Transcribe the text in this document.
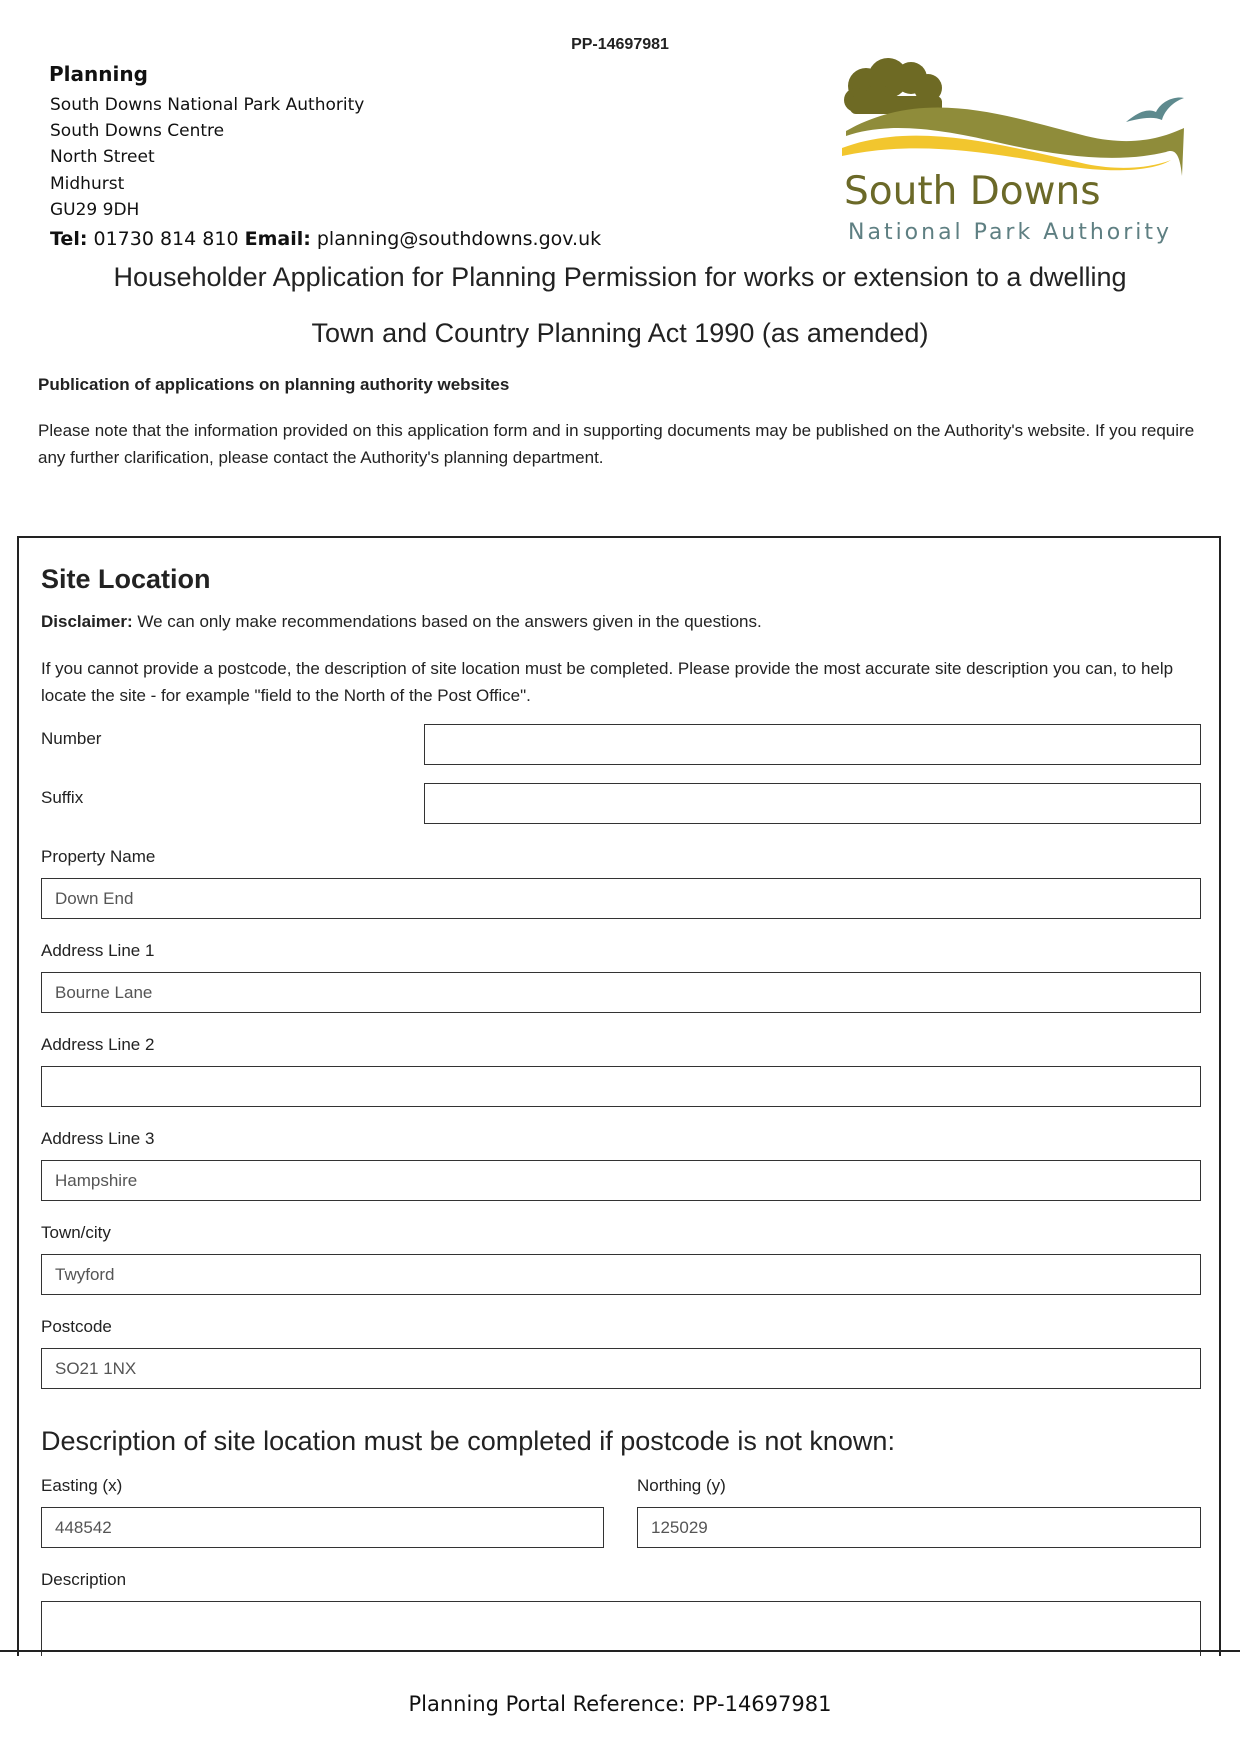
PP-14697981
Planning
South Downs National Park Authority
South Downs Centre
North Street
Midhurst
GU29 9DH
Tel: 01730 814 810 Email: planning@southdowns.gov.uk
South Downs
National Park Authority
Householder Application for Planning Permission for works or extension to a dwelling
Town and Country Planning Act 1990 (as amended)
Publication of applications on planning authority websites
Please note that the information provided on this application form and in supporting documents may be published on the Authority's website. If you require any further clarification, please contact the Authority's planning department.
Site Location
Disclaimer: We can only make recommendations based on the answers given in the questions.
If you cannot provide a postcode, the description of site location must be completed. Please provide the most accurate site description you can, to help locate the site - for example "field to the North of the Post Office".
Number
Suffix
Property Name
Down End
Address Line 1
Bourne Lane
Address Line 2
Address Line 3
Hampshire
Town/city
Twyford
Postcode
SO21 1NX
Description of site location must be completed if postcode is not known:
Easting (x)
448542
Northing (y)
125029
Description
Planning Portal Reference: PP-14697981
